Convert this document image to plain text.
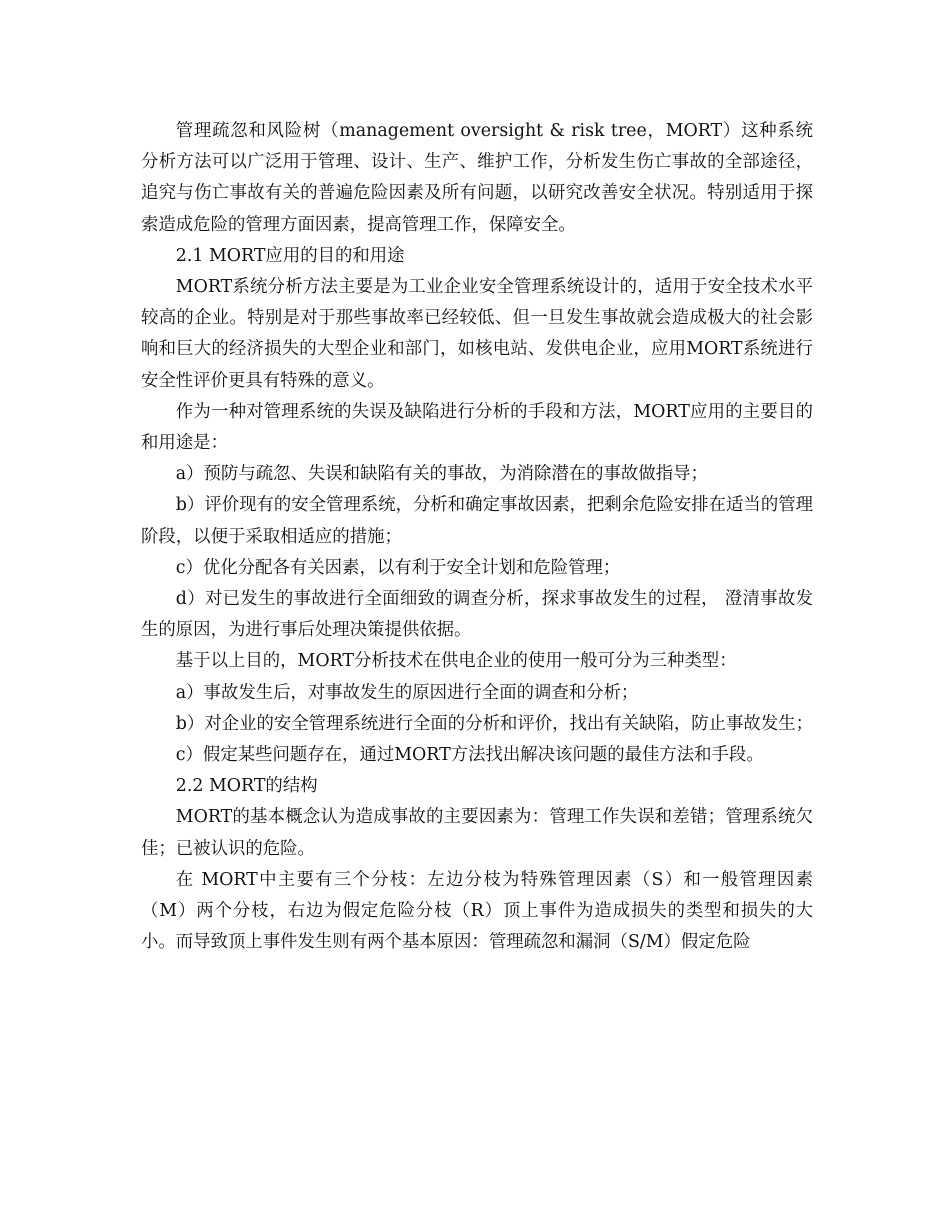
管理疏忽和风险树（management oversight & risk tree，MORT）这种系统分析方法可以广泛用于管理、设计、生产、维护工作，分析发生伤亡事故的全部途径，追究与伤亡事故有关的普遍危险因素及所有问题，以研究改善安全状况。特别适用于探索造成危险的管理方面因素，提高管理工作，保障安全。

2.1 MORT应用的目的和用途

MORT系统分析方法主要是为工业企业安全管理系统设计的，适用于安全技术水平较高的企业。特别是对于那些事故率已经较低、但一旦发生事故就会造成极大的社会影响和巨大的经济损失的大型企业和部门，如核电站、发供电企业，应用MORT系统进行安全性评价更具有特殊的意义。

作为一种对管理系统的失误及缺陷进行分析的手段和方法，MORT应用的主要目的和用途是：

a）预防与疏忽、失误和缺陷有关的事故，为消除潜在的事故做指导；

b）评价现有的安全管理系统，分析和确定事故因素，把剩余危险安排在适当的管理阶段，以便于采取相适应的措施；

c）优化分配各有关因素，以有利于安全计划和危险管理；

d）对已发生的事故进行全面细致的调查分析，探求事故发生的过程， 澄清事故发生的原因，为进行事后处理决策提供依据。

基于以上目的，MORT分析技术在供电企业的使用一般可分为三种类型：

a）事故发生后，对事故发生的原因进行全面的调查和分析；

b）对企业的安全管理系统进行全面的分析和评价，找出有关缺陷，防止事故发生；

c）假定某些问题存在，通过MORT方法找出解决该问题的最佳方法和手段。

2.2 MORT的结构

MORT的基本概念认为造成事故的主要因素为：管理工作失误和差错；管理系统欠佳；已被认识的危险。

在 MORT中主要有三个分枝：左边分枝为特殊管理因素（S）和一般管理因素（M）两个分枝，右边为假定危险分枝（R）顶上事件为造成损失的类型和损失的大小。而导致顶上事件发生则有两个基本原因：管理疏忽和漏洞（S/M）假定危险
